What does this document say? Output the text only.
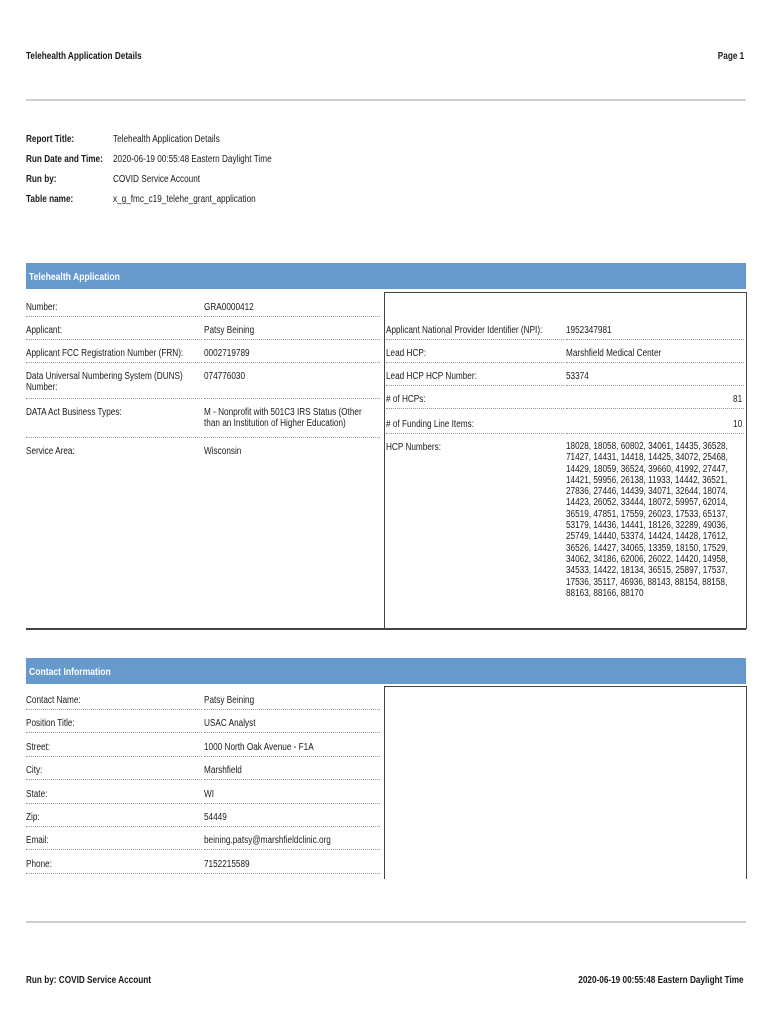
Telehealth Application Details	Page 1
Report Title:	Telehealth Application Details
Run Date and Time: 2020-06-19 00:55:48 Eastern Daylight Time
Run by:	COVID Service Account
Table name:	x_g_fmc_c19_telehe_grant_application
Telehealth Application
Number:	GRA0000412
Applicant:	Patsy Beining
Applicant FCC Registration Number (FRN): 0002719789
Data Universal Numbering System (DUNS) Number:
074776030
DATA Act Business Types:	M - Nonprofit with 501C3 IRS Status (Other than an Institution of Higher Education)
Service Area:	Wisconsin
Applicant National Provider Identifier (NPI): 1952347981
Lead HCP:	Marshfield Medical Center
Lead HCP HCP Number:	53374
# of HCPs:	81
# of Funding Line Items:	10
HCP Numbers:	18028, 18058, 60802, 34061, 14435, 36528, 71427, 14431, 14418, 14425, 34072, 25468, 14429, 18059, 36524, 39660, 41992, 27447, 14421, 59956, 26138, 11933, 14442, 36521, 27836, 27446, 14439, 34071, 32644, 18074, 14423, 26052, 33444, 18072, 59957, 62014, 36519, 47851, 17559, 26023, 17533, 65137, 53179, 14436, 14441, 18126, 32289, 49036, 25749, 14440, 53374, 14424, 14428, 17612, 36526, 14427, 34065, 13359, 18150, 17529, 34062, 34186, 62006, 26022, 14420, 14958, 34533, 14422, 18134, 36515, 25897, 17537, 17536, 35117, 46936, 88143, 88154, 88158, 88163, 88166, 88170
Contact Information
Contact Name:	Patsy Beining
Position Title:	USAC Analyst
Street:	1000 North Oak Avenue - F1A
City:	Marshfield
State:	WI
Zip:	54449
Email:	beining.patsy@marshfieldclinic.org
Phone:	7152215589
Run by: COVID Service Account	2020-06-19 00:55:48 Eastern Daylight Time
